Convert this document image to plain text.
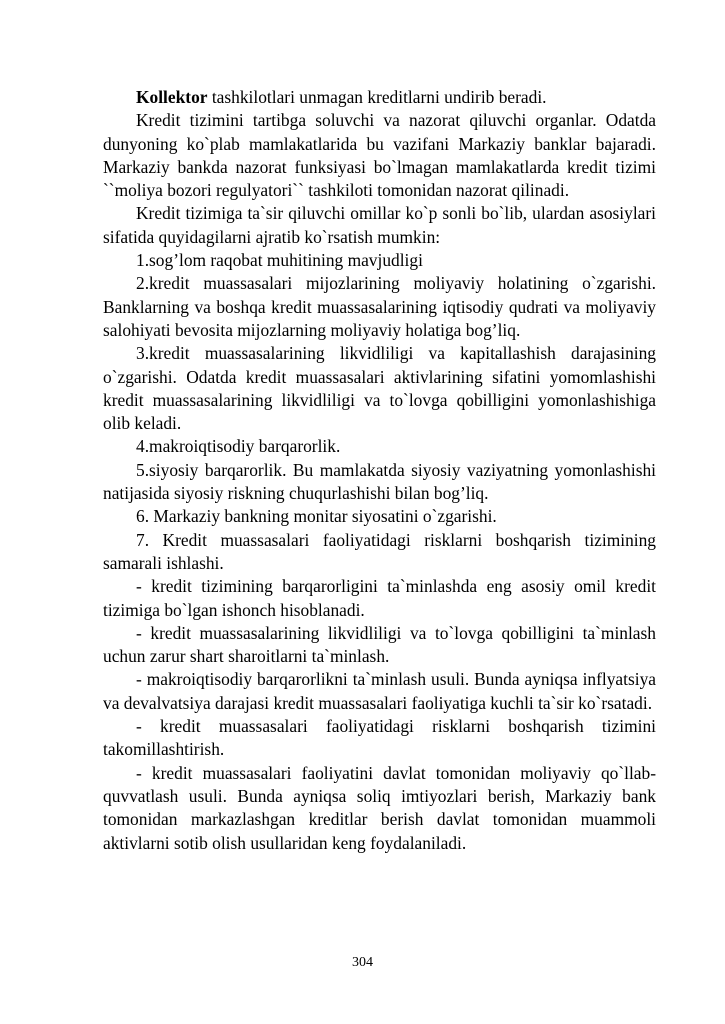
Kollektor tashkilotlari unmagan kreditlarni undirib beradi.

Kredit tizimini tartibga soluvchi va nazorat qiluvchi organlar. Odatda dunyoning ko`plab mamlakatlarida bu vazifani Markaziy banklar bajaradi. Markaziy bankda nazorat funksiyasi bo`lmagan mamlakatlarda kredit tizimi ``moliya bozori regulyatori`` tashkiloti tomonidan nazorat qilinadi.

Kredit tizimiga ta`sir qiluvchi omillar ko`p sonli bo`lib, ulardan asosiylari sifatida quyidagilarni ajratib ko`rsatish mumkin:

1.sog’lom raqobat muhitining mavjudligi

2.kredit muassasalari mijozlarining moliyaviy holatining o`zgarishi. Banklarning va boshqa kredit muassasalarining iqtisodiy qudrati va moliyaviy salohiyati bevosita mijozlarning moliyaviy holatiga bog’liq.

3.kredit muassasalarining likvidliligi va kapitallashish darajasining o`zgarishi. Odatda kredit muassasalari aktivlarining sifatini yomomlashishi kredit muassasalarining likvidliligi va to`lovga qobilligini yomonlashishiga olib keladi.

4.makroiqtisodiy barqarorlik.

5.siyosiy barqarorlik. Bu mamlakatda siyosiy vaziyatning yomonlashishi natijasida siyosiy riskning chuqurlashishi bilan bog’liq.

6. Markaziy bankning monitar siyosatini o`zgarishi.

7. Kredit muassasalari faoliyatidagi risklarni boshqarish tizimining samarali ishlashi.

- kredit tizimining barqarorligini ta`minlashda eng asosiy omil kredit tizimiga bo`lgan ishonch hisoblanadi.

- kredit muassasalarining likvidliligi va to`lovga qobilligini ta`minlash uchun zarur shart sharoitlarni ta`minlash.

- makroiqtisodiy barqarorlikni ta`minlash usuli. Bunda ayniqsa inflyatsiya va devalvatsiya darajasi kredit muassasalari faoliyatiga kuchli ta`sir ko`rsatadi.

- kredit muassasalari faoliyatidagi risklarni boshqarish tizimini takomillashtirish.

- kredit muassasalari faoliyatini davlat tomonidan moliyaviy qo`llab-quvvatlash usuli. Bunda ayniqsa soliq imtiyozlari berish, Markaziy bank tomonidan markazlashgan kreditlar berish davlat tomonidan muammoli aktivlarni sotib olish usullaridan keng foydalaniladi.

304
